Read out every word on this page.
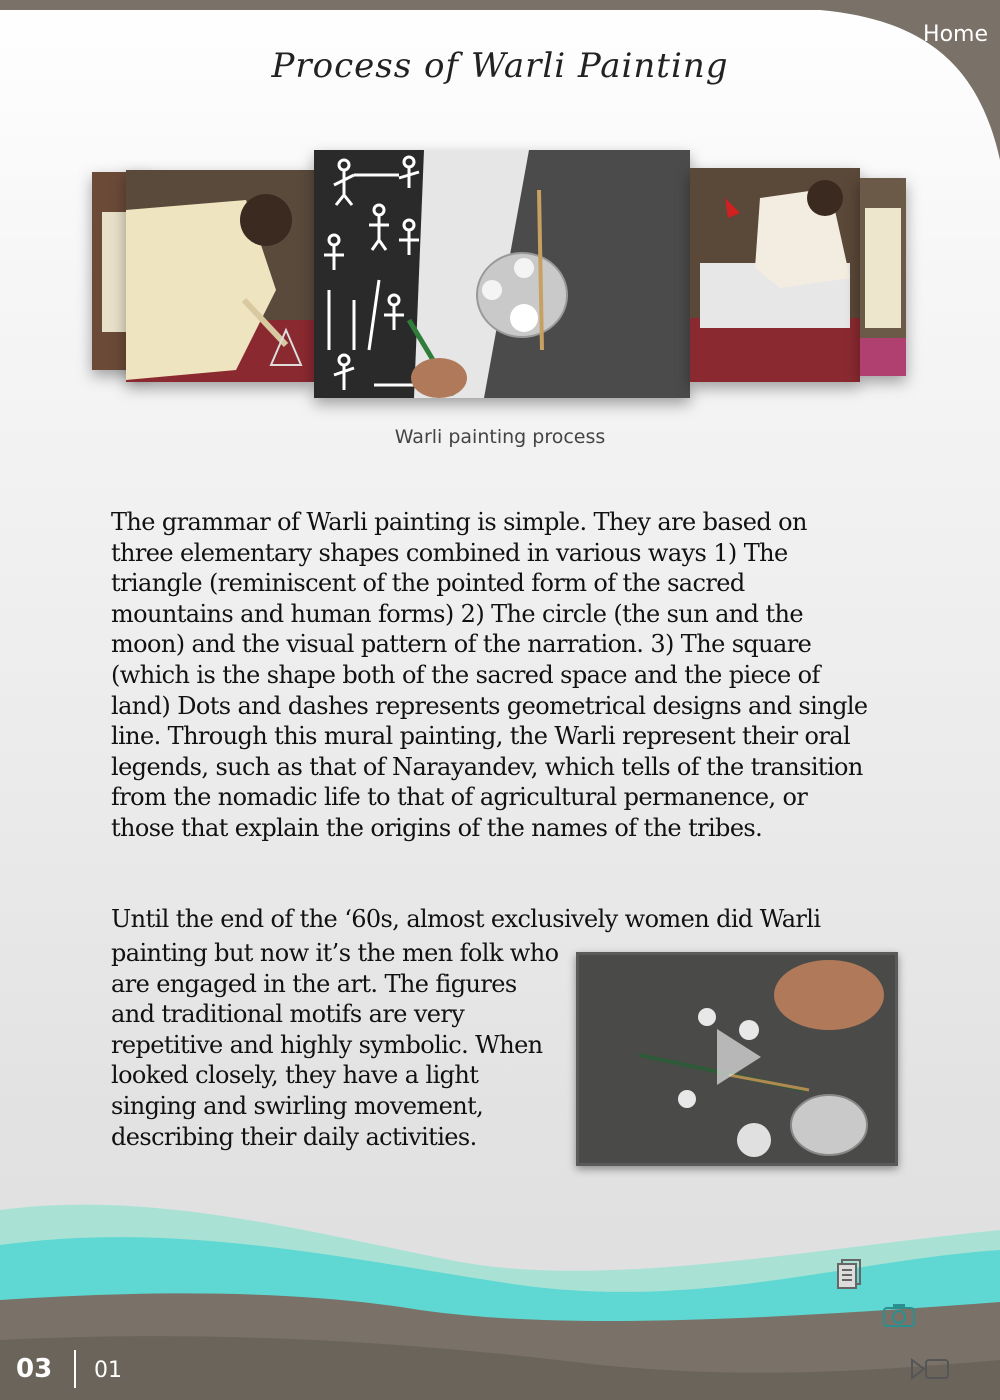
Home
Process of Warli Painting
Warli painting process

The grammar of Warli painting is simple. They are based on three elementary shapes combined in various ways 1) The triangle (reminiscent of the pointed form of the sacred mountains and human forms) 2) The circle (the sun and the moon) and the visual pattern of the narration. 3) The square (which is the shape both of the sacred space and the piece of land) Dots and dashes represents geometrical designs and single line. Through this mural painting, the Warli represent their oral legends, such as that of Narayandev, which tells of the transition from the nomadic life to that of agricultural permanence, or those that explain the origins of the names of the tribes.

Until the end of the ‘60s, almost exclusively women did Warli

painting but now it’s the men folk who are engaged in the art. The figures and traditional motifs are very repetitive and highly symbolic. When looked closely, they have a light singing and swirling movement, describing their daily activities.

03 01
